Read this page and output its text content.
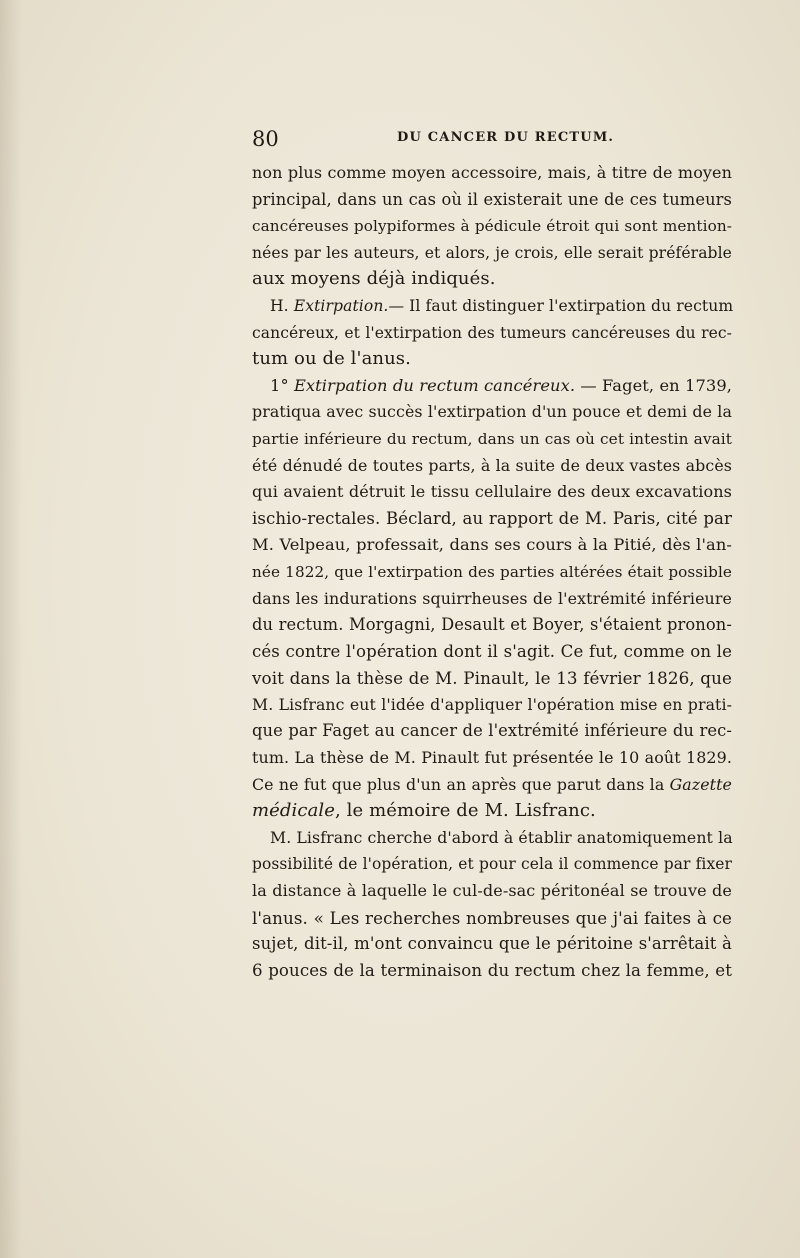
80	DU CANCER DU RECTUM.
non plus comme moyen accessoire, mais, à titre de moyen
principal, dans un cas où il existerait une de ces tumeurs
cancéreuses polypiformes à pédicule étroit qui sont mention-
nées par les auteurs, et alors, je crois, elle serait préférable
aux moyens déjà indiqués.
H. Extirpation.— Il faut distinguer l'extirpation du rectum
cancéreux, et l'extirpation des tumeurs cancéreuses du rec-
tum ou de l'anus.
1° Extirpation du rectum cancéreux. — Faget, en 1739,
pratiqua avec succès l'extirpation d'un pouce et demi de la
partie inférieure du rectum, dans un cas où cet intestin avait
été dénudé de toutes parts, à la suite de deux vastes abcès
qui avaient détruit le tissu cellulaire des deux excavations
ischio-rectales. Béclard, au rapport de M. Paris, cité par
M. Velpeau, professait, dans ses cours à la Pitié, dès l'an-
née 1822, que l'extirpation des parties altérées était possible
dans les indurations squirrheuses de l'extrémité inférieure
du rectum. Morgagni, Desault et Boyer, s'étaient pronon-
cés contre l'opération dont il s'agit. Ce fut, comme on le
voit dans la thèse de M. Pinault, le 13 février 1826, que
M. Lisfranc eut l'idée d'appliquer l'opération mise en prati-
que par Faget au cancer de l'extrémité inférieure du rec-
tum. La thèse de M. Pinault fut présentée le 10 août 1829.
Ce ne fut que plus d'un an après que parut dans la Gazette
médicale, le mémoire de M. Lisfranc.
M. Lisfranc cherche d'abord à établir anatomiquement la
possibilité de l'opération, et pour cela il commence par fixer
la distance à laquelle le cul-de-sac péritonéal se trouve de
l'anus. « Les recherches nombreuses que j'ai faites à ce
sujet, dit-il, m'ont convaincu que le péritoine s'arrêtait à
6 pouces de la terminaison du rectum chez la femme, et
